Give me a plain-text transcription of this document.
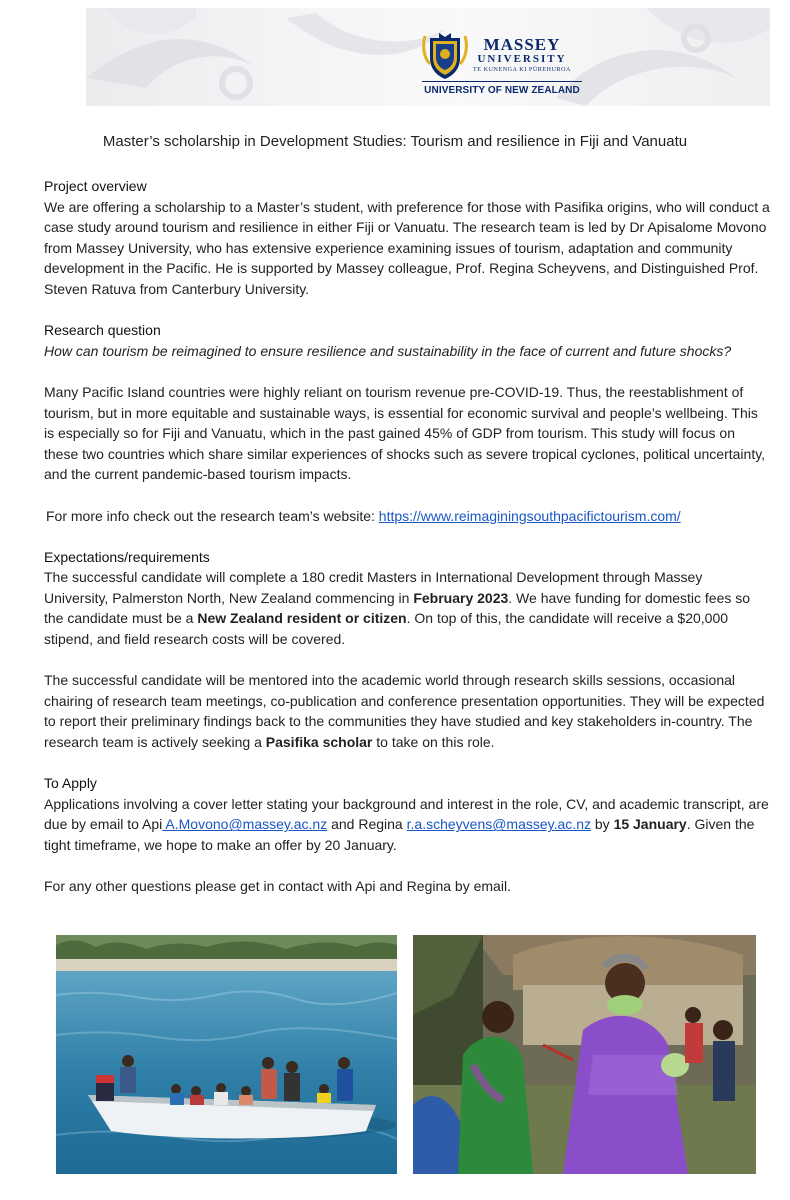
MASSEY
UNIVERSITY
TE KUNENGA KI PŪREHUROA
UNIVERSITY OF NEW ZEALAND
Master’s scholarship in Development Studies: Tourism and resilience in Fiji and Vanuatu

Project overview

We are offering a scholarship to a Master’s student, with preference for those with Pasifika origins, who will conduct a case study around tourism and resilience in either Fiji or Vanuatu. The research team is led by Dr Apisalome Movono from Massey University, who has extensive experience examining issues of tourism, adaptation and community development in the Pacific. He is supported by Massey colleague, Prof. Regina Scheyvens, and Distinguished Prof. Steven Ratuva from Canterbury University.

Research question

How can tourism be reimagined to ensure resilience and sustainability in the face of current and future shocks?

Many Pacific Island countries were highly reliant on tourism revenue pre-COVID-19. Thus, the reestablishment of tourism, but in more equitable and sustainable ways, is essential for economic survival and people’s wellbeing. This is especially so for Fiji and Vanuatu, which in the past gained 45% of GDP from tourism. This study will focus on these two countries which share similar experiences of shocks such as severe tropical cyclones, political uncertainty, and the current pandemic-based tourism impacts.

For more info check out the research team’s website: https://www.reimaginingsouthpacifictourism.com/

Expectations/requirements

The successful candidate will complete a 180 credit Masters in International Development through Massey University, Palmerston North, New Zealand commencing in February 2023. We have funding for domestic fees so the candidate must be a New Zealand resident or citizen. On top of this, the candidate will receive a $20,000 stipend, and field research costs will be covered.

The successful candidate will be mentored into the academic world through research skills sessions, occasional chairing of research team meetings, co-publication and conference presentation opportunities. They will be expected to report their preliminary findings back to the communities they have studied and key stakeholders in-country. The research team is actively seeking a Pasifika scholar to take on this role.

To Apply

Applications involving a cover letter stating your background and interest in the role, CV, and academic transcript, are due by email to Api A.Movono@massey.ac.nz and Regina r.a.scheyvens@massey.ac.nz by 15 January. Given the tight timeframe, we hope to make an offer by 20 January.

For any other questions please get in contact with Api and Regina by email.
